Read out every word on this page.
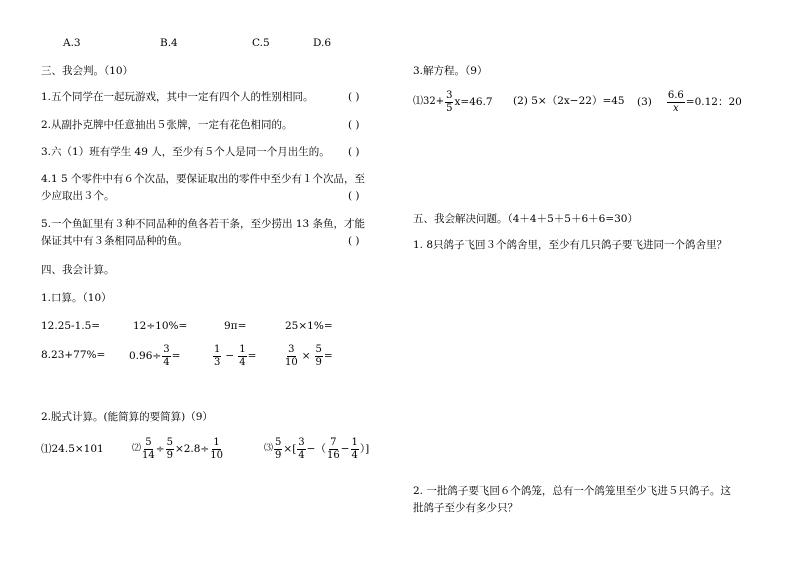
A.3	B.4	C.5	D.6
三、我会判。（10）
1.五个同学在一起玩游戏，其中一定有四个人的性别相同。	( )
2.从副扑克牌中任意抽出５张牌，一定有花色相同的。	( )
3.六（1）班有学生 49 人，至少有５个人是同一个月出生的。 ( )
4.1 5 个零件中有６个次品，要保证取出的零件中至少有１个次品，至
少应取出３个。	( )
5.一个鱼缸里有３种不同品种的鱼各若干条，至少捞出 13 条鱼，才能
保证其中有３条相同品种的鱼。	( )
四、我会计算。
1.口算。（10）
12.25-1.5=	12÷10%=	9π=	25×1%=
$8.23+77\%= 0.96\div \frac{3}{4}$ =	$\frac{1}{3} - \frac{1}{4}$ =	$\frac{3}{10} \times \frac{5}{9}$ =
2.脱式计算。(能简算的要简算)（9）
⑴24.5×101	⑵ $\frac{5}{14} \div \frac{5}{9} \times 2.8\div \frac{1}{10}$	⑶ $\frac{5}{9}$ ×[ $\frac{3}{4}$ −（ $\frac{7}{16} - \frac{1}{4}$ ）]
3.解方程。（9）
⑴32+ $\frac{3}{5} x=46.7$ (2) 5×（2x−22）=45 $(3) \frac{6.6}{x} =0.12$：20
五、我会解决问题。（4＋4＋5＋5＋6＋6=30）
1. 8只鸽子飞回３个鸽舍里，至少有几只鸽子要飞进同一个鸽舍里？
2. 一批鸽子要飞回６个鸽笼，总有一个鸽笼里至少飞进５只鸽子。这
批鸽子至少有多少只？
